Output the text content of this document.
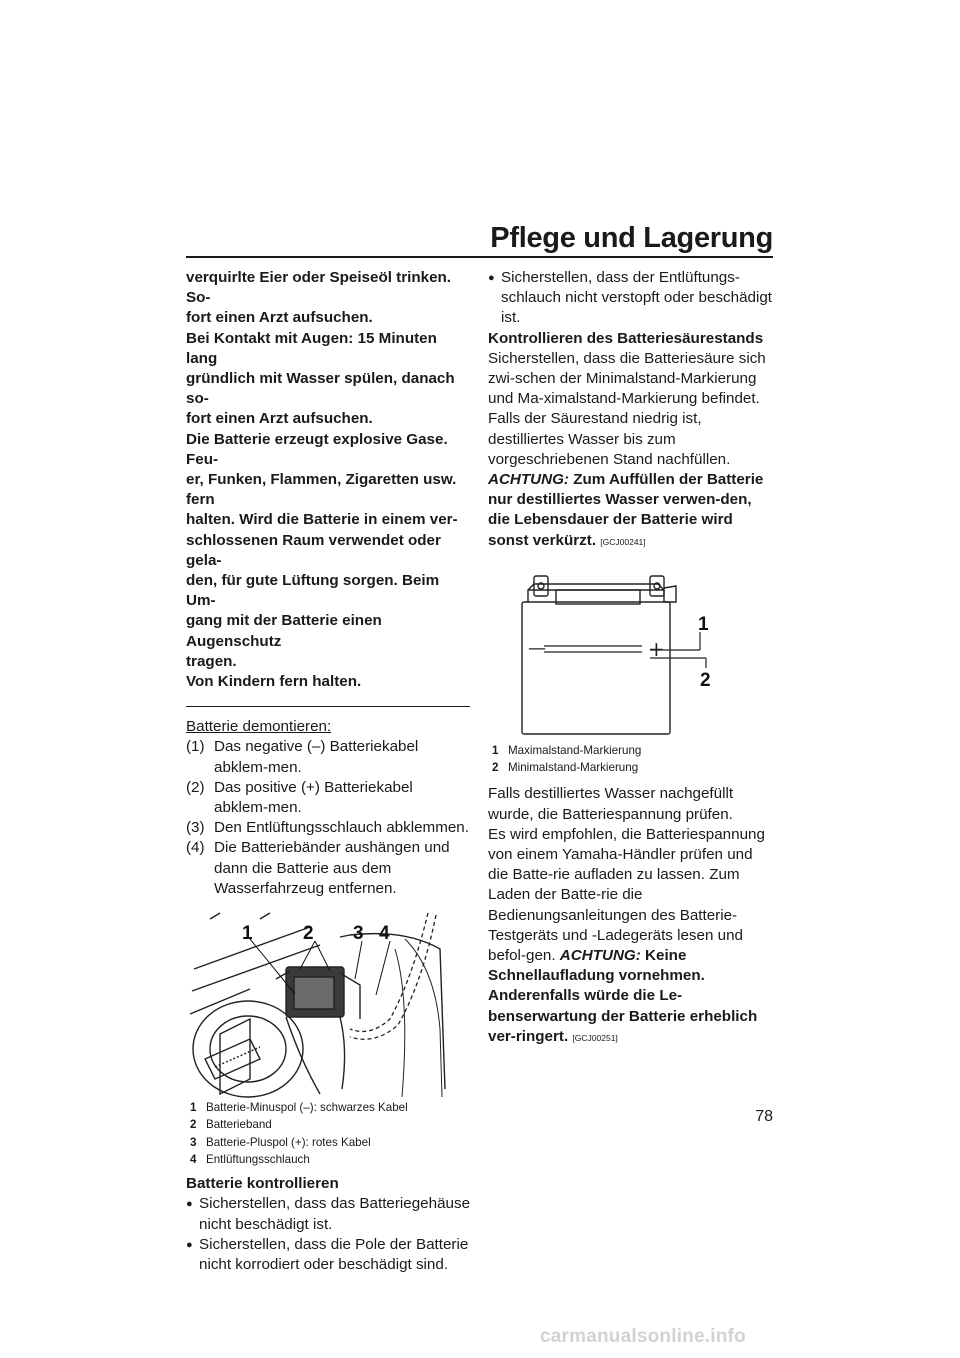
Pflege und Lagerung
verquirlte Eier oder Speiseöl trinken. So-
fort einen Arzt aufsuchen.
Bei Kontakt mit Augen: 15 Minuten lang
gründlich mit Wasser spülen, danach so-
fort einen Arzt aufsuchen.
Die Batterie erzeugt explosive Gase. Feu-
er, Funken, Flammen, Zigaretten usw. fern
halten. Wird die Batterie in einem ver-
schlossenen Raum verwendet oder gela-
den, für gute Lüftung sorgen. Beim Um-
gang mit der Batterie einen Augenschutz
tragen.
Von Kindern fern halten.

Batterie demontieren:

(1) Das negative (–) Batteriekabel abklem-men.
(2) Das positive (+) Batteriekabel abklem-men.
(3) Den Entlüftungsschlauch abklemmen.
(4) Die Batteriebänder aushängen und dann die Batterie aus dem Wasserfahrzeug entfernen.
1	2 3 4
1 Batterie-Minuspol (–): schwarzes Kabel
2 Batterieband
3 Batterie-Pluspol (+): rotes Kabel
4 Entlüftungsschlauch

Batterie kontrollieren

● Sicherstellen, dass das Batteriegehäuse nicht beschädigt ist.
● Sicherstellen, dass die Pole der Batterie nicht korrodiert oder beschädigt sind.
● Sicherstellen, dass der Entlüftungs-schlauch nicht verstopft oder beschädigt ist.

Kontrollieren des Batteriesäurestands

Sicherstellen, dass die Batteriesäure sich zwi-schen der Minimalstand-Markierung und Ma-ximalstand-Markierung befindet.

Falls der Säurestand niedrig ist, destilliertes Wasser bis zum vorgeschriebenen Stand nachfüllen. ACHTUNG: Zum Auffüllen der Batterie nur destilliertes Wasser verwen-den, die Lebensdauer der Batterie wird sonst verkürzt. [GCJ00241]

—	+
1
2
1 Maximalstand-Markierung
2 Minimalstand-Markierung

Falls destilliertes Wasser nachgefüllt wurde, die Batteriespannung prüfen.

Es wird empfohlen, die Batteriespannung von einem Yamaha-Händler prüfen und die Batte-rie aufladen zu lassen. Zum Laden der Batte-rie die Bedienungsanleitungen des Batterie-Testgeräts und -Ladegeräts lesen und befol-gen. ACHTUNG: Keine Schnellaufladung vornehmen. Anderenfalls würde die Le-benserwartung der Batterie erheblich ver-ringert. [GCJ00251]

78
carmanualsonline.info
